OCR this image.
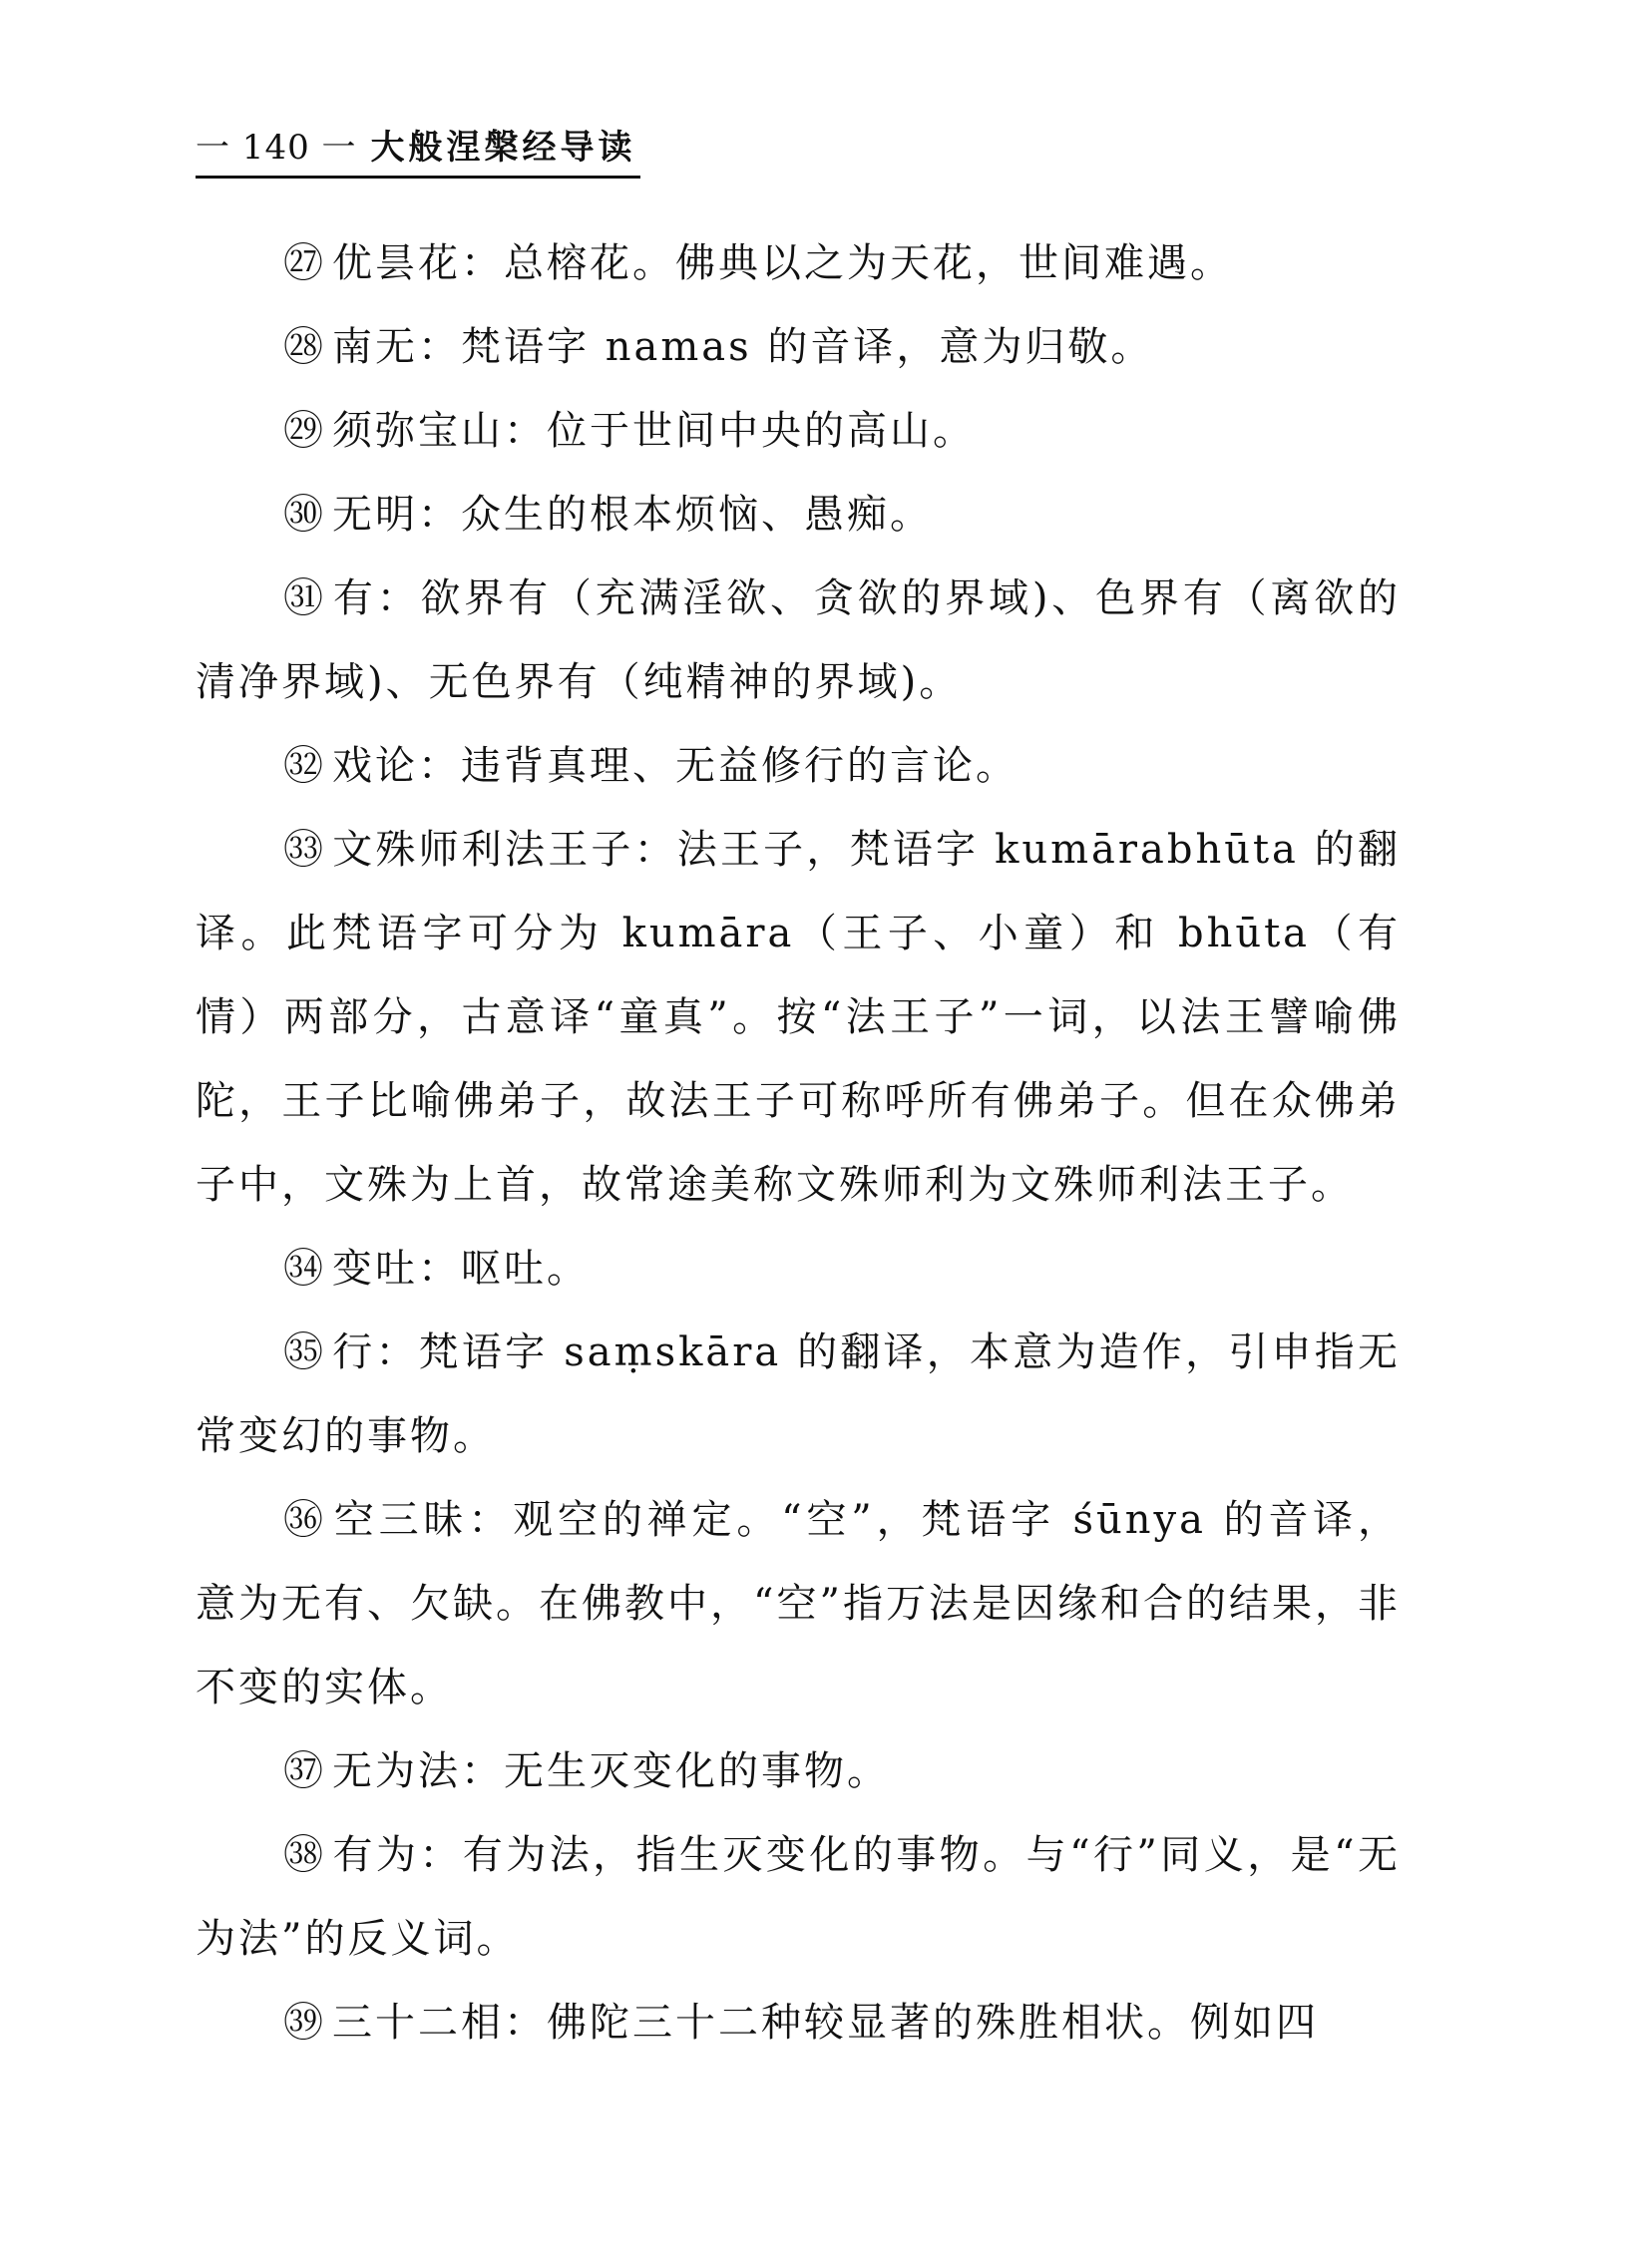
一 140 一 大般涅槃经导读

㉗ 优昙花：总榕花。佛典以之为天花，世间难遇。

㉘ 南无：梵语字 namas 的音译，意为归敬。

㉙ 须弥宝山：位于世间中央的高山。

㉚ 无明：众生的根本烦恼、愚痴。

㉛ 有：欲界有（充满淫欲、贪欲的界域)、色界有（离欲的清净界域)、无色界有（纯精神的界域)。

㉜ 戏论：违背真理、无益修行的言论。

㉝ 文殊师利法王子：法王子，梵语字 kumārabhūta 的翻译。此梵语字可分为 kumāra（王子、小童）和 bhūta（有情）两部分，古意译“童真”。按“法王子”一词，以法王譬喻佛陀，王子比喻佛弟子，故法王子可称呼所有佛弟子。但在众佛弟子中，文殊为上首，故常途美称文殊师利为文殊师利法王子。

㉞ 变吐：呕吐。

㉟ 行：梵语字 saṃskāra 的翻译，本意为造作，引申指无常变幻的事物。

㊱ 空三昧：观空的禅定。“空”，梵语字 śūnya 的音译，意为无有、欠缺。在佛教中，“空”指万法是因缘和合的结果，非不变的实体。

㊲ 无为法：无生灭变化的事物。

㊳ 有为：有为法，指生灭变化的事物。与“行”同义，是“无为法”的反义词。

㊴ 三十二相：佛陀三十二种较显著的殊胜相状。例如四
